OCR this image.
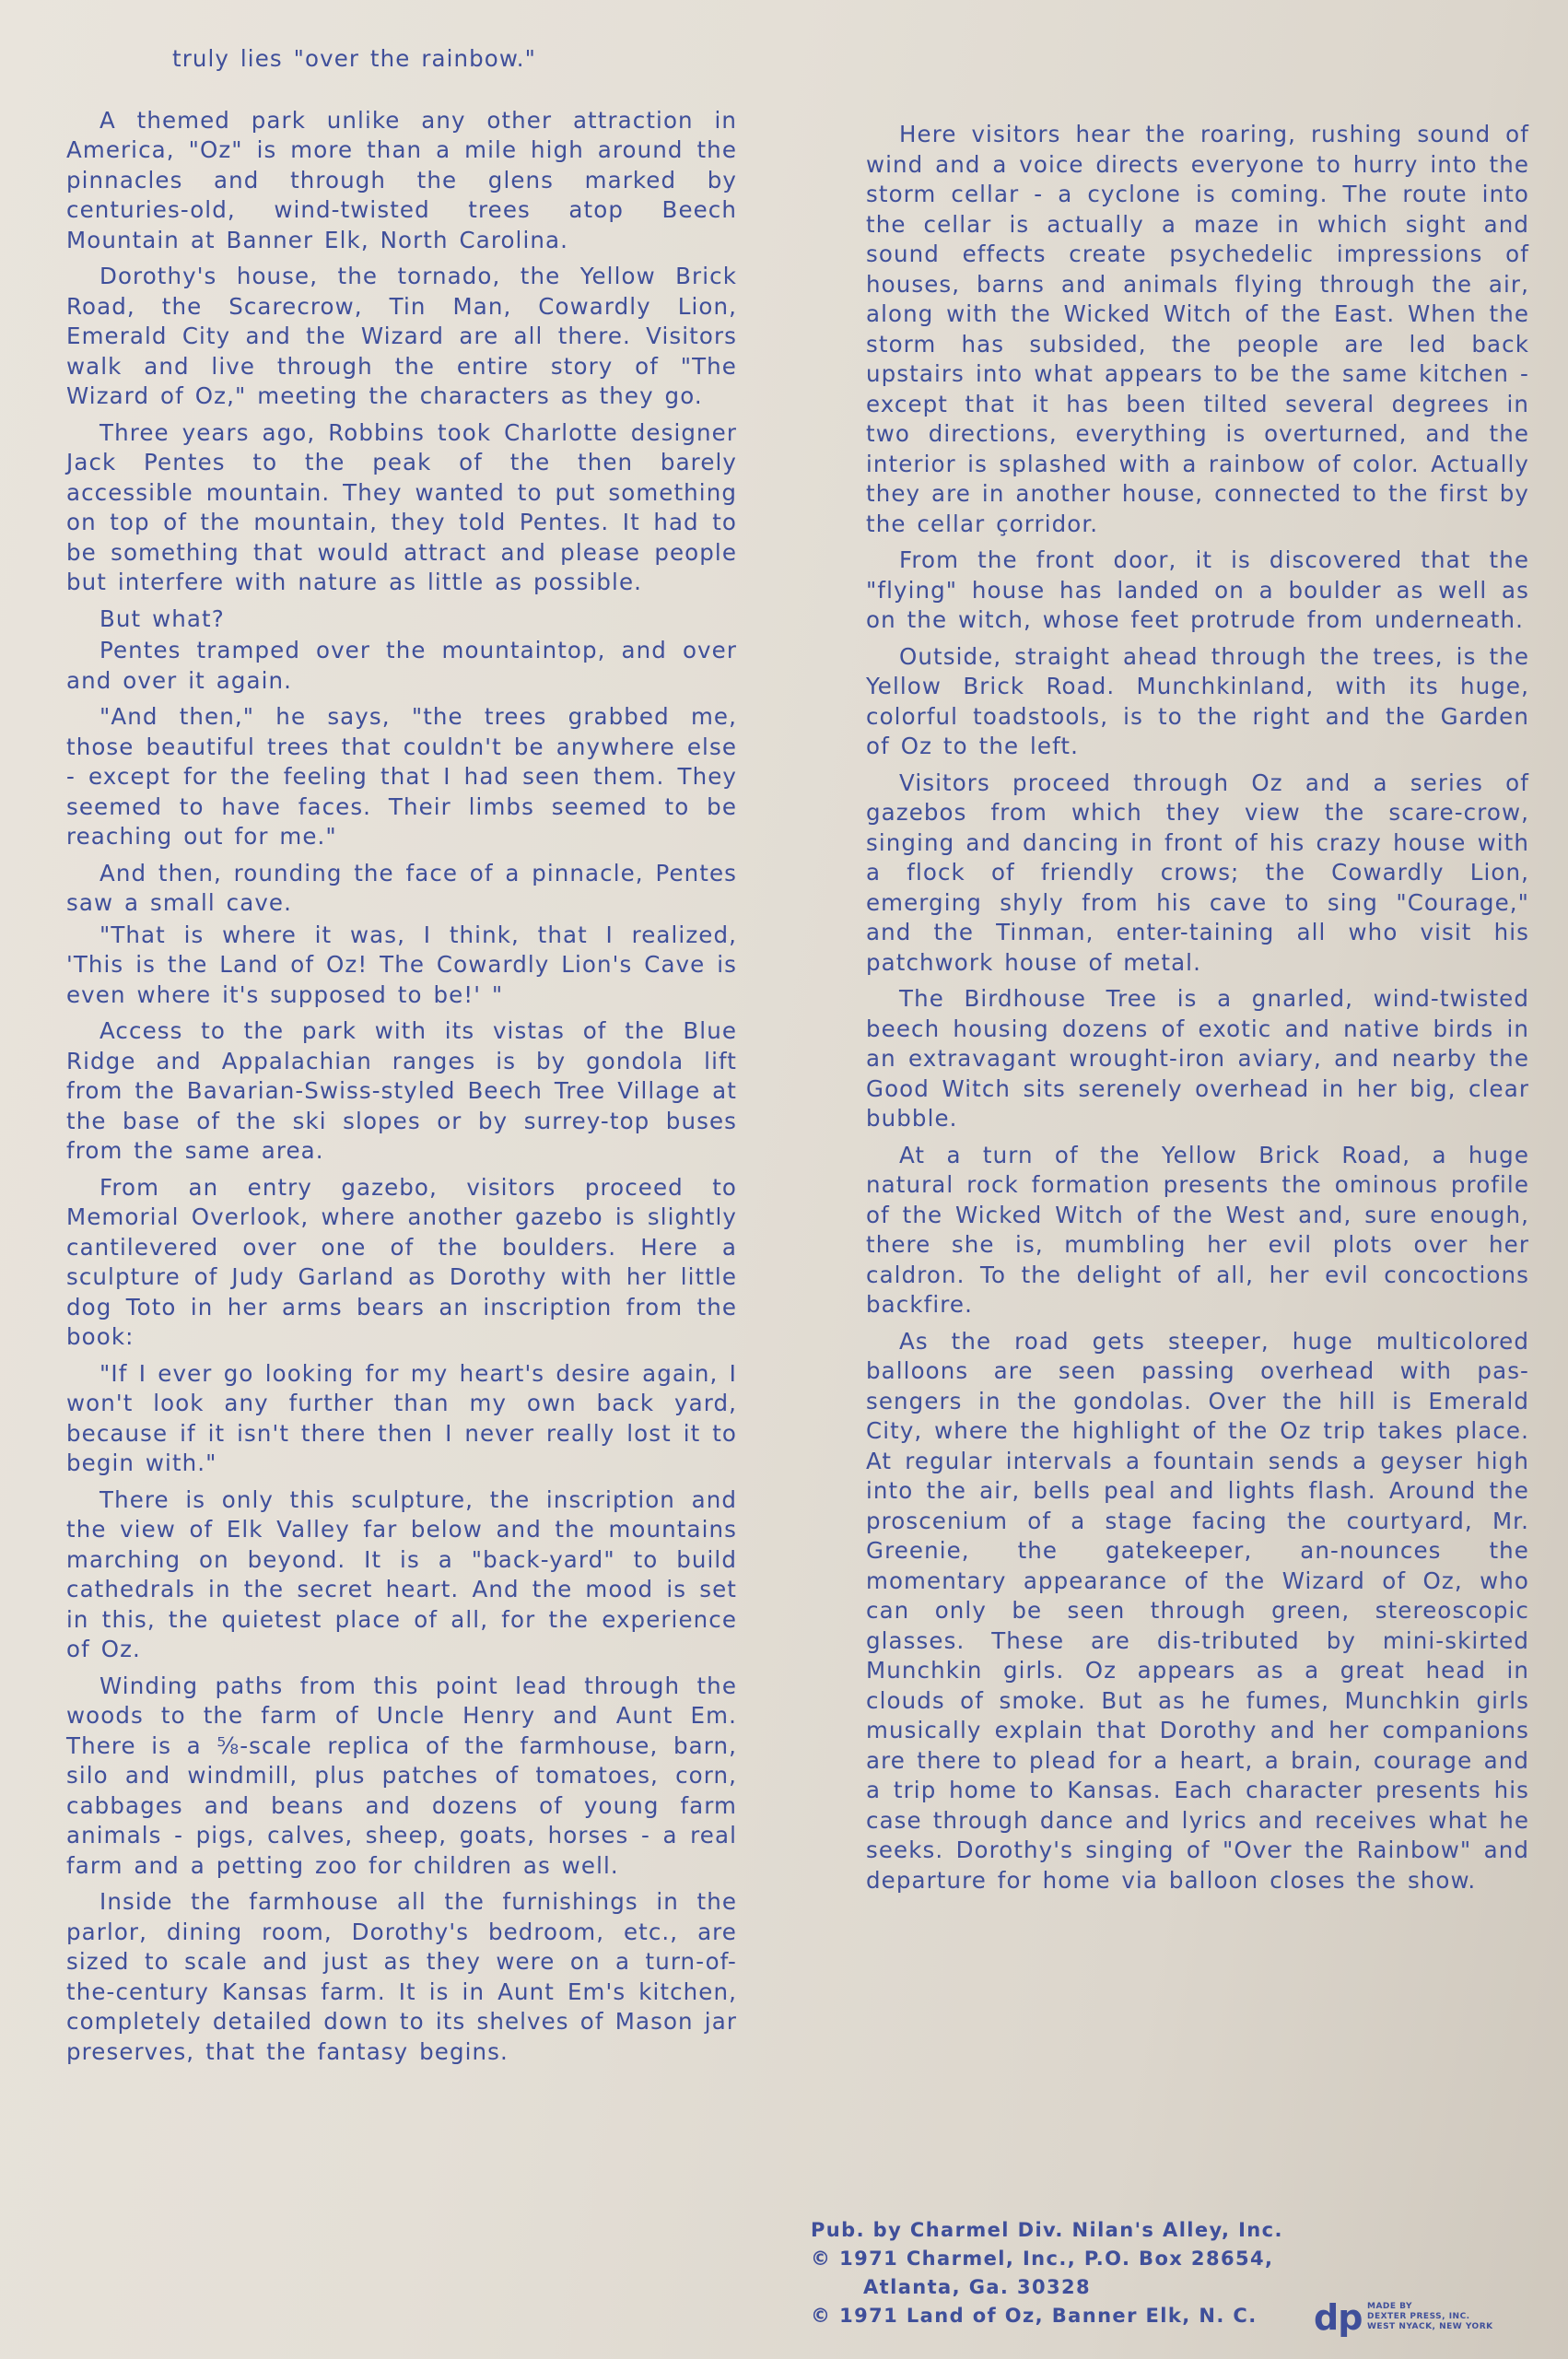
truly lies "over the rainbow."

A themed park unlike any other attraction in America, "Oz" is more than a mile high around the pinnacles and through the glens marked by centuries-old, wind-twisted trees atop Beech Mountain at Banner Elk, North Carolina.

Dorothy's house, the tornado, the Yellow Brick Road, the Scarecrow, Tin Man, Cowardly Lion, Emerald City and the Wizard are all there. Visitors walk and live through the entire story of "The Wizard of Oz," meeting the characters as they go.

Three years ago, Robbins took Charlotte designer Jack Pentes to the peak of the then barely accessible mountain. They wanted to put something on top of the mountain, they told Pentes. It had to be something that would attract and please people but interfere with nature as little as possible.

But what?

Pentes tramped over the mountaintop, and over and over it again.

"And then," he says, "the trees grabbed me, those beautiful trees that couldn't be anywhere else - except for the feeling that I had seen them. They seemed to have faces. Their limbs seemed to be reaching out for me."

And then, rounding the face of a pinnacle, Pentes saw a small cave.

"That is where it was, I think, that I realized, 'This is the Land of Oz! The Cowardly Lion's Cave is even where it's supposed to be!' "

Access to the park with its vistas of the Blue Ridge and Appalachian ranges is by gondola lift from the Bavarian-Swiss-styled Beech Tree Village at the base of the ski slopes or by surrey-top buses from the same area.

From an entry gazebo, visitors proceed to Memorial Overlook, where another gazebo is slightly cantilevered over one of the boulders. Here a sculpture of Judy Garland as Dorothy with her little dog Toto in her arms bears an inscription from the book:

"If I ever go looking for my heart's desire again, I won't look any further than my own back yard, because if it isn't there then I never really lost it to begin with."

There is only this sculpture, the inscription and the view of Elk Valley far below and the mountains marching on beyond. It is a "back-yard" to build cathedrals in the secret heart. And the mood is set in this, the quietest place of all, for the experience of Oz.

Winding paths from this point lead through the woods to the farm of Uncle Henry and Aunt Em. There is a ⅝-scale replica of the farmhouse, barn, silo and windmill, plus patches of tomatoes, corn, cabbages and beans and dozens of young farm animals - pigs, calves, sheep, goats, horses - a real farm and a petting zoo for children as well.

Inside the farmhouse all the furnishings in the parlor, dining room, Dorothy's bedroom, etc., are sized to scale and just as they were on a turn-of-the-century Kansas farm. It is in Aunt Em's kitchen, completely detailed down to its shelves of Mason jar preserves, that the fantasy begins.

Here visitors hear the roaring, rushing sound of wind and a voice directs everyone to hurry into the storm cellar - a cyclone is coming. The route into the cellar is actually a maze in which sight and sound effects create psychedelic impressions of houses, barns and animals flying through the air, along with the Wicked Witch of the East. When the storm has subsided, the people are led back upstairs into what appears to be the same kitchen - except that it has been tilted several degrees in two directions, everything is overturned, and the interior is splashed with a rainbow of color. Actually they are in another house, connected to the first by the cellar çorridor.

From the front door, it is discovered that the "flying" house has landed on a boulder as well as on the witch, whose feet protrude from underneath.

Outside, straight ahead through the trees, is the Yellow Brick Road. Munchkinland, with its huge, colorful toadstools, is to the right and the Garden of Oz to the left.

Visitors proceed through Oz and a series of gazebos from which they view the scare-crow, singing and dancing in front of his crazy house with a flock of friendly crows; the Cowardly Lion, emerging shyly from his cave to sing "Courage," and the Tinman, enter-taining all who visit his patchwork house of metal.

The Birdhouse Tree is a gnarled, wind-twisted beech housing dozens of exotic and native birds in an extravagant wrought-iron aviary, and nearby the Good Witch sits serenely overhead in her big, clear bubble.

At a turn of the Yellow Brick Road, a huge natural rock formation presents the ominous profile of the Wicked Witch of the West and, sure enough, there she is, mumbling her evil plots over her caldron. To the delight of all, her evil concoctions backfire.

As the road gets steeper, huge multicolored balloons are seen passing overhead with pas-sengers in the gondolas. Over the hill is Emerald City, where the highlight of the Oz trip takes place. At regular intervals a fountain sends a geyser high into the air, bells peal and lights flash. Around the proscenium of a stage facing the courtyard, Mr. Greenie, the gatekeeper, an-nounces the momentary appearance of the Wizard of Oz, who can only be seen through green, stereoscopic glasses. These are dis-tributed by mini-skirted Munchkin girls. Oz appears as a great head in clouds of smoke. But as he fumes, Munchkin girls musically explain that Dorothy and her companions are there to plead for a heart, a brain, courage and a trip home to Kansas. Each character presents his case through dance and lyrics and receives what he seeks. Dorothy's singing of "Over the Rainbow" and departure for home via balloon closes the show.

Pub. by Charmel Div. Nilan's Alley, Inc.
© 1971 Charmel, Inc., P.O. Box 28654,
Atlanta, Ga. 30328
© 1971 Land of Oz, Banner Elk, N. C.	dp MADE BY
DEXTER PRESS, INC.
WEST NYACK, NEW YORK
